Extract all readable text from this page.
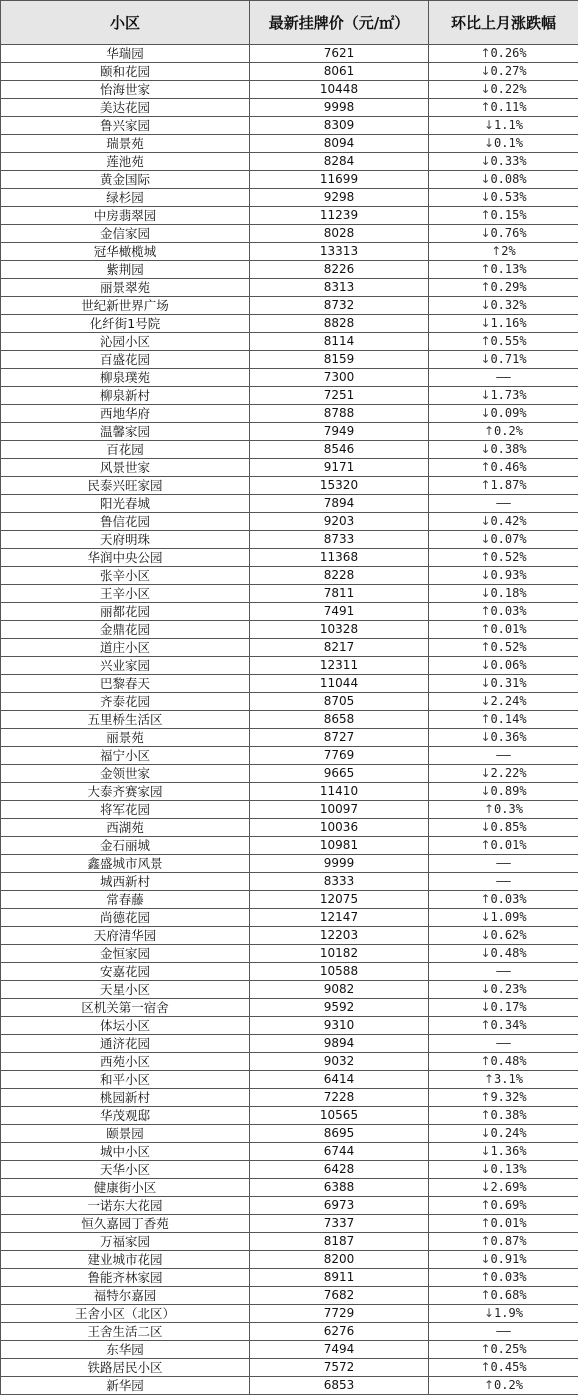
小区	最新挂牌价（元/㎡）	环比上月涨跌幅
华瑞园	7621	↑0.26%
颐和花园	8061	↓0.27%
怡海世家	10448	↓0.22%
美达花园	9998	↑0.11%
鲁兴家园	8309	↓1.1%
瑞景苑	8094	↓0.1%
莲池苑	8284	↓0.33%
黄金国际	11699	↓0.08%
绿杉园	9298	↓0.53%
中房翡翠园	11239	↑0.15%
金信家园	8028	↓0.76%
冠华橄榄城	13313	↑2%
紫荆园	8226	↑0.13%
丽景翠苑	8313	↑0.29%
世纪新世界广场	8732	↓0.32%
化纤街1号院	8828	↓1.16%
沁园小区	8114	↑0.55%
百盛花园	8159	↓0.71%
柳泉璞苑	7300	——
柳泉新村	7251	↓1.73%
西地华府	8788	↓0.09%
温馨家园	7949	↑0.2%
百花园	8546	↓0.38%
风景世家	9171	↑0.46%
民泰兴旺家园	15320	↑1.87%
阳光春城	7894	——
鲁信花园	9203	↓0.42%
天府明珠	8733	↓0.07%
华润中央公园	11368	↑0.52%
张辛小区	8228	↓0.93%
王辛小区	7811	↓0.18%
丽都花园	7491	↑0.03%
金鼎花园	10328	↑0.01%
道庄小区	8217	↑0.52%
兴业家园	12311	↓0.06%
巴黎春天	11044	↓0.31%
齐泰花园	8705	↓2.24%
五里桥生活区	8658	↑0.14%
丽景苑	8727	↓0.36%
福宁小区	7769	——
金领世家	9665	↓2.22%
大泰齐赛家园	11410	↓0.89%
将军花园	10097	↑0.3%
西湖苑	10036	↓0.85%
金石丽城	10981	↑0.01%
鑫盛城市风景	9999	——
城西新村	8333	——
常春藤	12075	↑0.03%
尚德花园	12147	↓1.09%
天府清华园	12203	↓0.62%
金恒家园	10182	↓0.48%
安嘉花园	10588	——
天星小区	9082	↓0.23%
区机关第一宿舍	9592	↓0.17%
体坛小区	9310	↑0.34%
通济花园	9894	——
西苑小区	9032	↑0.48%
和平小区	6414	↑3.1%
桃园新村	7228	↑9.32%
华茂观邸	10565	↑0.38%
颐景园	8695	↓0.24%
城中小区	6744	↓1.36%
天华小区	6428	↓0.13%
健康街小区	6388	↓2.69%
一诺东大花园	6973	↑0.69%
恒久嘉园丁香苑	7337	↑0.01%
万福家园	8187	↑0.87%
建业城市花园	8200	↓0.91%
鲁能齐林家园	8911	↑0.03%
福特尔嘉园	7682	↑0.68%
王舍小区（北区）	7729	↓1.9%
王舍生活二区	6276	——
东华园	7494	↑0.25%
铁路居民小区	7572	↑0.45%
新华园	6853	↑0.2%
